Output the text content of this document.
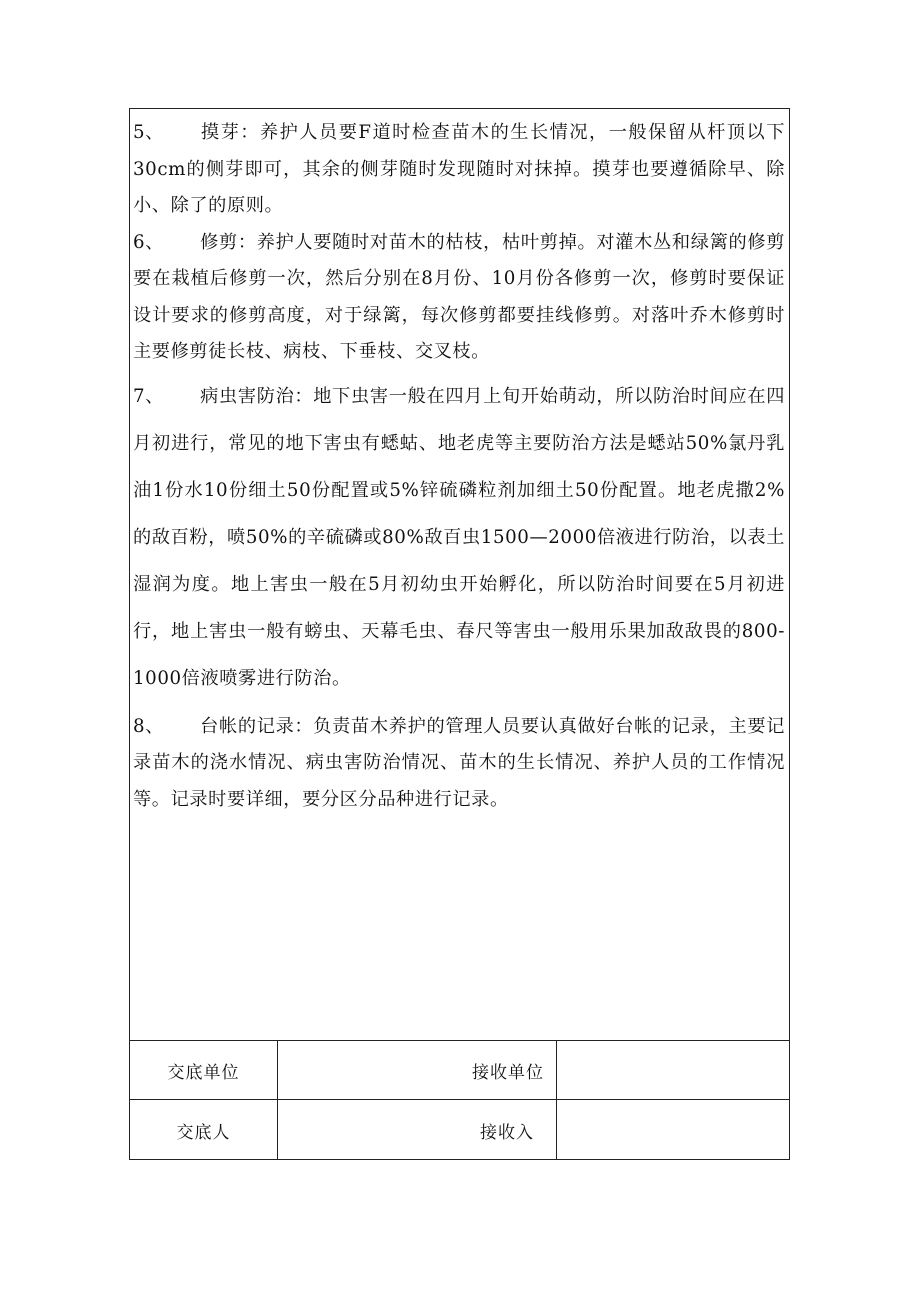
5、 摸芽：养护人员要F道时检查苗木的生长情况，一般保留从杆顶以下30cm的侧芽即可，其余的侧芽随时发现随时对抹掉。摸芽也要遵循除早、除小、除了的原则。

6、 修剪：养护人要随时对苗木的枯枝，枯叶剪掉。对灌木丛和绿篱的修剪要在栽植后修剪一次，然后分别在8月份、10月份各修剪一次，修剪时要保证设计要求的修剪高度，对于绿篱，每次修剪都要挂线修剪。对落叶乔木修剪时主要修剪徒长枝、病枝、下垂枝、交叉枝。

7、 病虫害防治：地下虫害一般在四月上旬开始萌动，所以防治时间应在四月初进行，常见的地下害虫有蟋蛄、地老虎等主要防治方法是蟋站50%氯丹乳油1份水10份细土50份配置或5%锌硫磷粒剂加细土50份配置。地老虎撒2%的敌百粉，喷50%的辛硫磷或80%敌百虫1500—2000倍液进行防治，以表土湿润为度。地上害虫一般在5月初幼虫开始孵化，所以防治时间要在5月初进行，地上害虫一般有螃虫、天幕毛虫、春尺等害虫一般用乐果加敌敌畏的800-1000倍液喷雾进行防治。

8、 台帐的记录：负责苗木养护的管理人员要认真做好台帐的记录，主要记录苗木的浇水情况、病虫害防治情况、苗木的生长情况、养护人员的工作情况等。记录时要详细，要分区分品种进行记录。

交底单位	接收单位
交底人	接收入
